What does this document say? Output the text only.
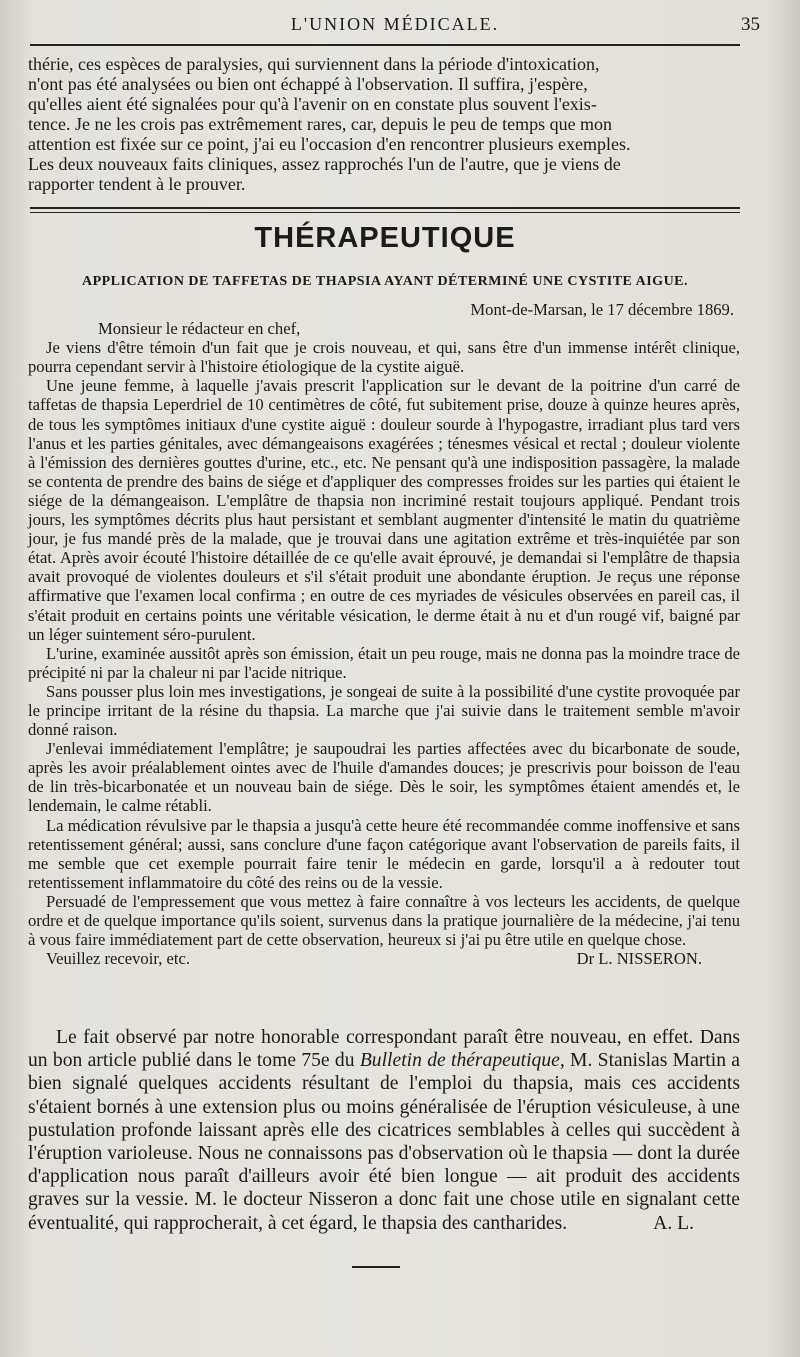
L'UNION MÉDICALE.	35

thérie, ces espèces de paralysies, qui surviennent dans la période d'intoxication,

n'ont pas été analysées ou bien ont échappé à l'observation. Il suffira, j'espère,

qu'elles aient été signalées pour qu'à l'avenir on en constate plus souvent l'exis-

tence. Je ne les crois pas extrêmement rares, car, depuis le peu de temps que mon

attention est fixée sur ce point, j'ai eu l'occasion d'en rencontrer plusieurs exemples.

Les deux nouveaux faits cliniques, assez rapprochés l'un de l'autre, que je viens de

rapporter tendent à le prouver.

THÉRAPEUTIQUE
APPLICATION DE TAFFETAS DE THAPSIA AYANT DÉTERMINÉ UNE CYSTITE AIGUE.

Mont-de-Marsan, le 17 décembre 1869.

Monsieur le rédacteur en chef,

Je viens d'être témoin d'un fait que je crois nouveau, et qui, sans être d'un immense intérêt clinique, pourra cependant servir à l'histoire étiologique de la cystite aiguë.

Une jeune femme, à laquelle j'avais prescrit l'application sur le devant de la poitrine d'un carré de taffetas de thapsia Leperdriel de 10 centimètres de côté, fut subitement prise, douze à quinze heures après, de tous les symptômes initiaux d'une cystite aiguë : douleur sourde à l'hypogastre, irradiant plus tard vers l'anus et les parties génitales, avec démangeaisons exagérées ; ténesmes vésical et rectal ; douleur violente à l'émission des dernières gouttes d'urine, etc., etc. Ne pensant qu'à une indisposition passagère, la malade se contenta de prendre des bains de siége et d'appliquer des compresses froides sur les parties qui étaient le siége de la démangeaison. L'emplâtre de thapsia non incriminé restait toujours appliqué. Pendant trois jours, les symptômes décrits plus haut persistant et semblant augmenter d'intensité le matin du quatrième jour, je fus mandé près de la malade, que je trouvai dans une agitation extrême et très-inquiétée par son état. Après avoir écouté l'histoire détaillée de ce qu'elle avait éprouvé, je demandai si l'emplâtre de thapsia avait provoqué de violentes douleurs et s'il s'était produit une abondante éruption. Je reçus une réponse affirmative que l'examen local confirma ; en outre de ces myriades de vésicules observées en pareil cas, il s'était produit en certains points une véritable vésication, le derme était à nu et d'un rougé vif, baigné par un léger suintement séro-purulent.

L'urine, examinée aussitôt après son émission, était un peu rouge, mais ne donna pas la moindre trace de précipité ni par la chaleur ni par l'acide nitrique.

Sans pousser plus loin mes investigations, je songeai de suite à la possibilité d'une cystite provoquée par le principe irritant de la résine du thapsia. La marche que j'ai suivie dans le traitement semble m'avoir donné raison.

J'enlevai immédiatement l'emplâtre; je saupoudrai les parties affectées avec du bicarbonate de soude, après les avoir préalablement ointes avec de l'huile d'amandes douces; je prescrivis pour boisson de l'eau de lin très-bicarbonatée et un nouveau bain de siége. Dès le soir, les symptômes étaient amendés et, le lendemain, le calme rétabli.

La médication révulsive par le thapsia a jusqu'à cette heure été recommandée comme inoffensive et sans retentissement général; aussi, sans conclure d'une façon catégorique avant l'observation de pareils faits, il me semble que cet exemple pourrait faire tenir le médecin en garde, lorsqu'il a à redouter tout retentissement inflammatoire du côté des reins ou de la vessie.

Persuadé de l'empressement que vous mettez à faire connaître à vos lecteurs les accidents, de quelque ordre et de quelque importance qu'ils soient, survenus dans la pratique journalière de la médecine, j'ai tenu à vous faire immédiatement part de cette observation, heureux si j'ai pu être utile en quelque chose.

Veuillez recevoir, etc.	Dr L. NISSERON.

Le fait observé par notre honorable correspondant paraît être nouveau, en effet. Dans un bon article publié dans le tome 75e du Bulletin de thérapeutique, M. Stanislas Martin a bien signalé quelques accidents résultant de l'emploi du thapsia, mais ces accidents s'étaient bornés à une extension plus ou moins généralisée de l'éruption vésiculeuse, à une pustulation profonde laissant après elle des cicatrices semblables à celles qui succèdent à l'éruption varioleuse. Nous ne connaissons pas d'observation où le thapsia — dont la durée d'application nous paraît d'ailleurs avoir été bien longue — ait produit des accidents graves sur la vessie. M. le docteur Nisseron a donc fait une chose utile en signalant cette éventualité, qui rapprocherait, à cet égard, le thapsia des cantharides.	A. L.
